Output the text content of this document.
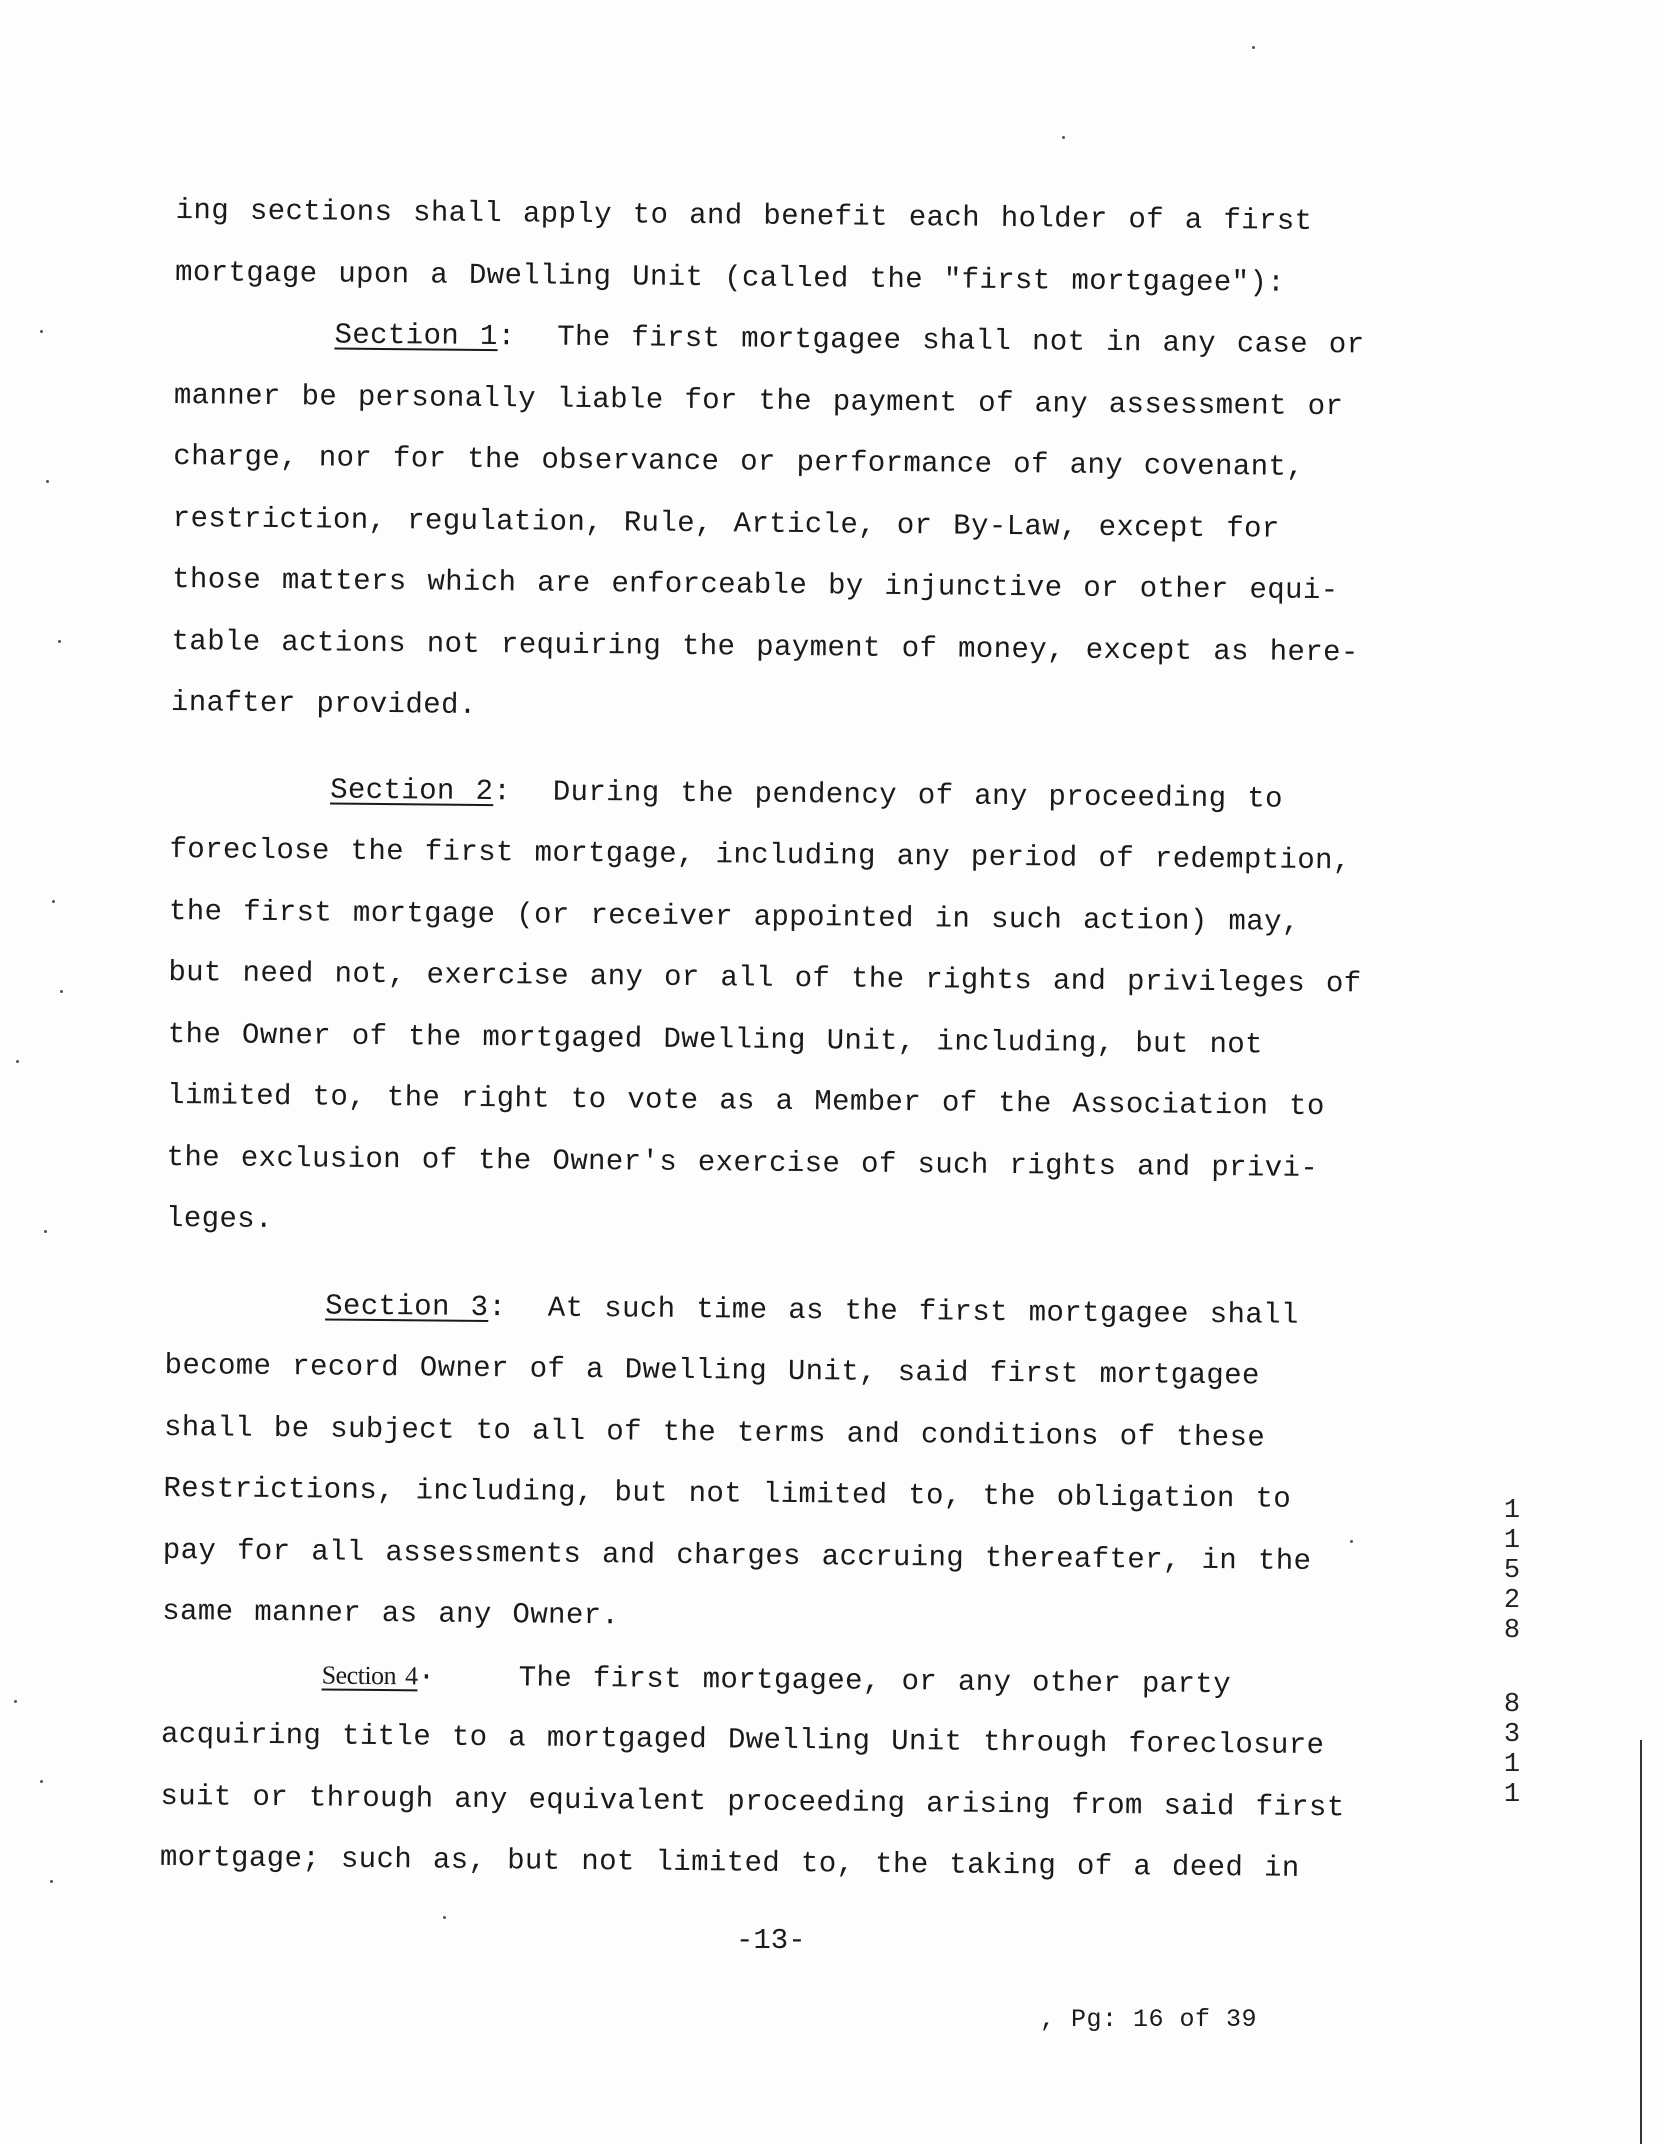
ing sections shall apply to and benefit each holder of a first
mortgage upon a Dwelling Unit (called the "first mortgagee"):
Section 1: The first mortgagee shall not in any case or
manner be personally liable for the payment of any assessment or
charge, nor for the observance or performance of any covenant,
restriction, regulation, Rule, Article, or By-Law, except for
those matters which are enforceable by injunctive or other equi-
table actions not requiring the payment of money, except as here-
inafter provided.
Section 2: During the pendency of any proceeding to
foreclose the first mortgage, including any period of redemption,
the first mortgage (or receiver appointed in such action) may,
but need not, exercise any or all of the rights and privileges of
the Owner of the mortgaged Dwelling Unit, including, but not
limited to, the right to vote as a Member of the Association to
the exclusion of the Owner's exercise of such rights and privi-
leges.
Section 3: At such time as the first mortgagee shall
become record Owner of a Dwelling Unit, said first mortgagee
shall be subject to all of the terms and conditions of these
Restrictions, including, but not limited to, the obligation to
pay for all assessments and charges accruing thereafter, in the
same manner as any Owner.
Section 4·	The first mortgagee, or any other party
acquiring title to a mortgaged Dwelling Unit through foreclosure
suit or through any equivalent proceeding arising from said first
mortgage; such as, but not limited to, the taking of a deed in
-13-
, Pg: 16 of 39
1
1
5
2
8
8
3
1
1
